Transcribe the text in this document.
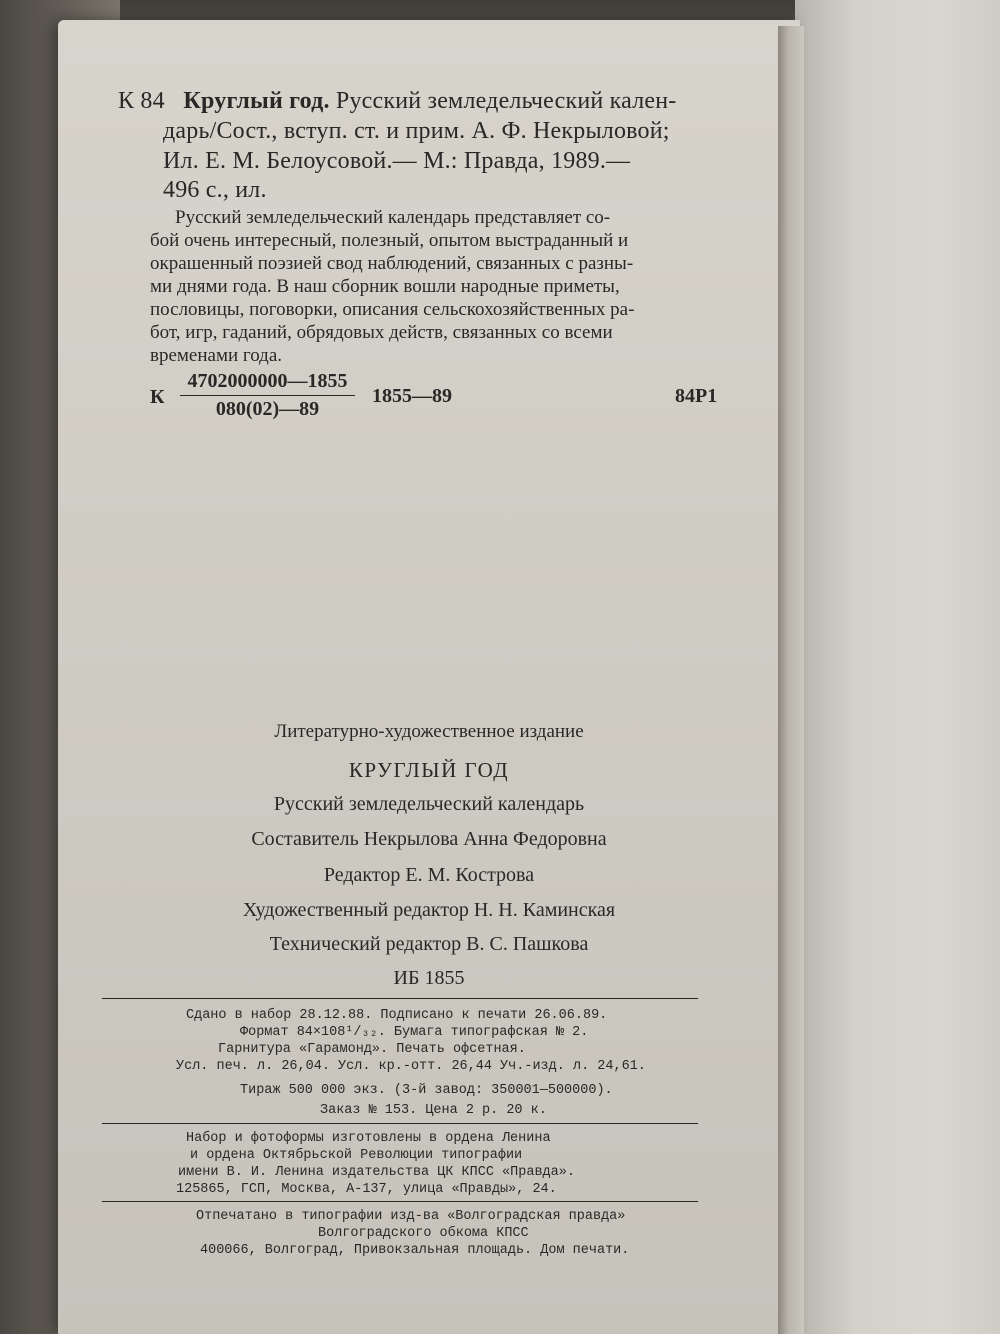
К 84 Круглый год. Русский земледельческий кален-
дарь/Сост., вступ. ст. и прим. А. Ф. Некрыловой;
Ил. Е. М. Белоусовой.— М.: Правда, 1989.—
496 с., ил.
Русский земледельческий календарь представляет со-
бой очень интересный, полезный, опытом выстраданный и
окрашенный поэзией свод наблюдений, связанных с разны-
ми днями года. В наш сборник вошли народные приметы,
пословицы, поговорки, описания сельскохозяйственных ра-
бот, игр, гаданий, обрядовых действ, связанных со всеми
временами года.
К
4702000000—1855
080(02)—89
1855—89	84Р1
Литературно-художественное издание
КРУГЛЫЙ ГОД
Русский земледельческий календарь
Составитель Некрылова Анна Федоровна
Редактор Е. М. Кострова
Художественный редактор Н. Н. Каминская
Технический редактор В. С. Пашкова
ИБ 1855
Сдано в набор 28.12.88. Подписано к печати 26.06.89.
Формат 84×108¹/₃₂. Бумага типографская № 2.
Гарнитура «Гарамонд». Печать офсетная.
Усл. печ. л. 26,04. Усл. кр.-отт. 26,44 Уч.-изд. л. 24,61.
Тираж 500 000 экз. (3-й завод: 350001—500000).
Заказ № 153. Цена 2 р. 20 к.
Набор и фотоформы изготовлены в ордена Ленина
и ордена Октябрьской Революции типографии
имени В. И. Ленина издательства ЦК КПСС «Правда».
125865, ГСП, Москва, А-137, улица «Правды», 24.
Отпечатано в типографии изд-ва «Волгоградская правда»
Волгоградского обкома КПСС
400066, Волгоград, Привокзальная площадь. Дом печати.
